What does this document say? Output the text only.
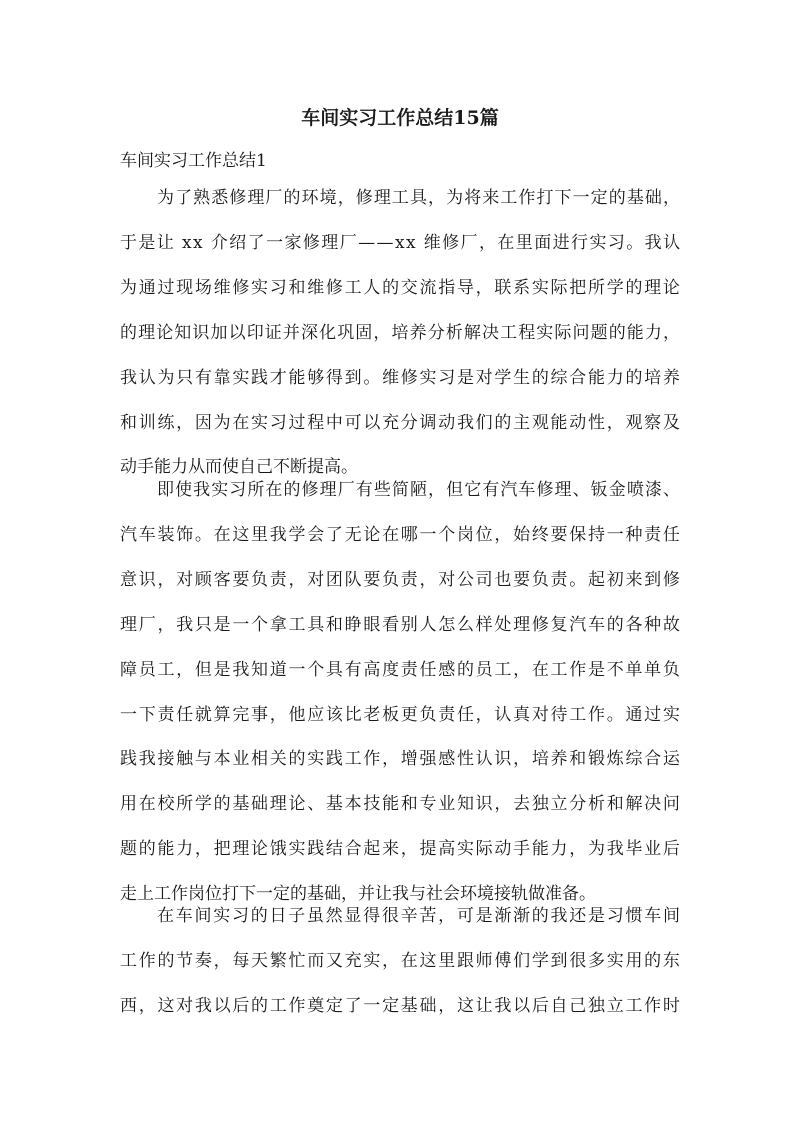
车间实习工作总结15篇

车间实习工作总结1

为了熟悉修理厂的环境，修理工具，为将来工作打下一定的基础，
于是让 xx 介绍了一家修理厂——xx 维修厂，在里面进行实习。我认
为通过现场维修实习和维修工人的交流指导，联系实际把所学的理论
的理论知识加以印证并深化巩固，培养分析解决工程实际问题的能力，
我认为只有靠实践才能够得到。维修实习是对学生的综合能力的培养
和训练，因为在实习过程中可以充分调动我们的主观能动性，观察及
动手能力从而使自己不断提高。
即使我实习所在的修理厂有些简陋，但它有汽车修理、钣金喷漆、
汽车装饰。在这里我学会了无论在哪一个岗位，始终要保持一种责任
意识，对顾客要负责，对团队要负责，对公司也要负责。起初来到修
理厂，我只是一个拿工具和睁眼看别人怎么样处理修复汽车的各种故
障员工，但是我知道一个具有高度责任感的员工，在工作是不单单负
一下责任就算完事，他应该比老板更负责任，认真对待工作。通过实
践我接触与本业相关的实践工作，增强感性认识，培养和锻炼综合运
用在校所学的基础理论、基本技能和专业知识，去独立分析和解决问
题的能力，把理论饿实践结合起来，提高实际动手能力，为我毕业后
走上工作岗位打下一定的基础，并让我与社会环境接轨做准备。
在车间实习的日子虽然显得很辛苦，可是渐渐的我还是习惯车间
工作的节奏，每天繁忙而又充实，在这里跟师傅们学到很多实用的东
西，这对我以后的工作奠定了一定基础，这让我以后自己独立工作时
